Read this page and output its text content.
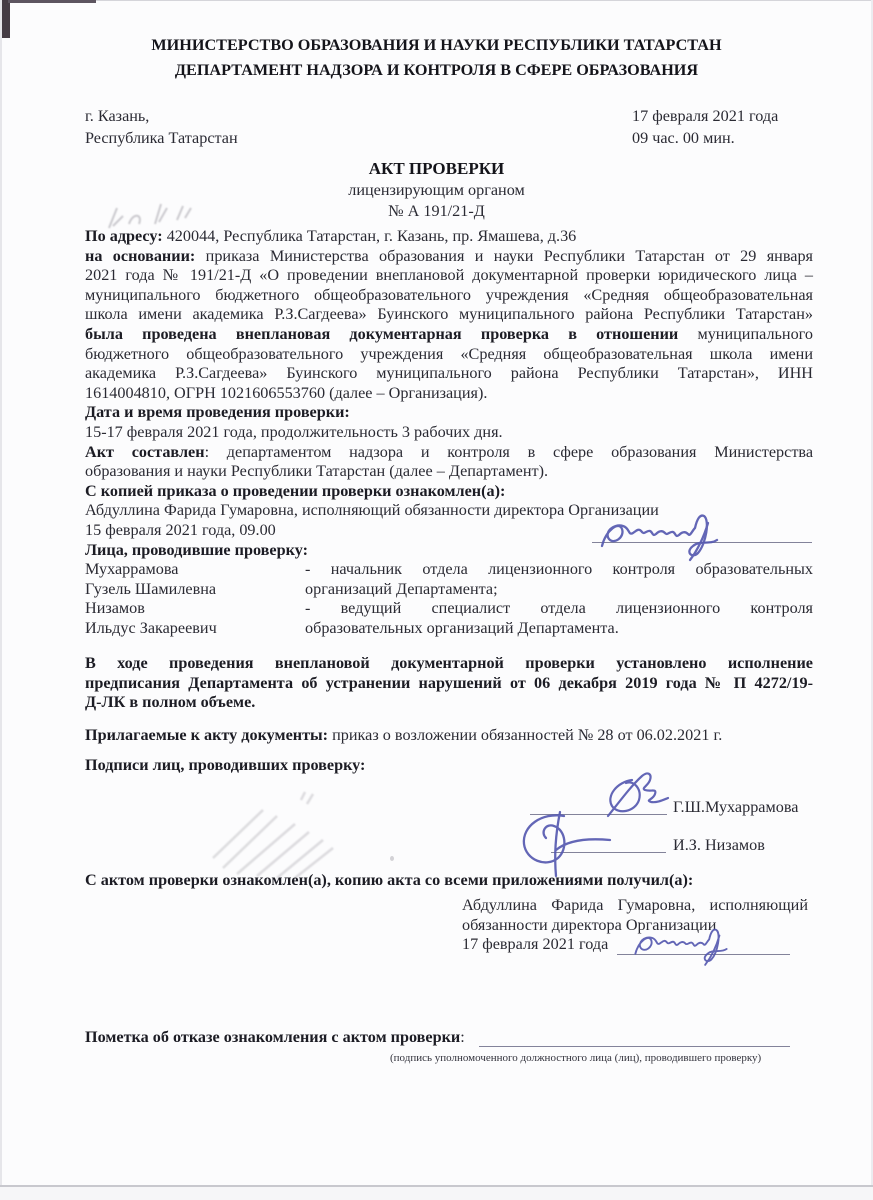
МИНИСТЕРСТВО ОБРАЗОВАНИЯ И НАУКИ РЕСПУБЛИКИ ТАТАРСТАН
ДЕПАРТАМЕНТ НАДЗОРА И КОНТРОЛЯ В СФЕРЕ ОБРАЗОВАНИЯ
г. Казань,
Республика Татарстан
17 февраля 2021 года
09 час. 00 мин.
АКТ ПРОВЕРКИ
лицензирующим органом
№ А 191/21-Д

По адресу: 420044, Республика Татарстан, г. Казань, пр. Ямашева, д.36

на основании: приказа Министерства образования и науки Республики Татарстан от 29 января

2021 года № 191/21-Д «О проведении внеплановой документарной проверки юридического лица –

муниципального бюджетного общеобразовательного учреждения «Средняя общеобразовательная

школа имени академика Р.З.Сагдеева» Буинского муниципального района Республики Татарстан»

была проведена внеплановая документарная проверка в отношении муниципального

бюджетного общеобразовательного учреждения «Средняя общеобразовательная школа имени

академика Р.З.Сагдеева» Буинского муниципального района Республики Татарстан», ИНН

1614004810, ОГРН 1021606553760 (далее – Организация).

Дата и время проведения проверки:

15-17 февраля 2021 года, продолжительность 3 рабочих дня.

Акт составлен: департаментом надзора и контроля в сфере образования Министерства

образования и науки Республики Татарстан (далее – Департамент).

С копией приказа о проведении проверки ознакомлен(а):

Абдуллина Фарида Гумаровна, исполняющий обязанности директора Организации

15 февраля 2021 года, 09.00

Лица, проводившие проверку:

Мухаррамова
Гузель Шамилевна
- начальник отдела лицензионного контроля образовательных
организаций Департамента;
Низамов
Ильдус Закареевич
- ведущий специалист отдела лицензионного контроля
образовательных организаций Департамента.

В ходе проведения внеплановой документарной проверки установлено исполнение

предписания Департамента об устранении нарушений от 06 декабря 2019 года № П 4272/19-

Д-ЛК в полном объеме.

Прилагаемые к акту документы: приказ о возложении обязанностей № 28 от 06.02.2021 г.
Подписи лиц, проводивших проверку:
Г.Ш.Мухаррамова
И.З. Низамов
С актом проверки ознакомлен(а), копию акта со всеми приложениями получил(а):
Абдуллина Фарида Гумаровна, исполняющий
обязанности директора Организации
17 февраля 2021 года
Пометка об отказе ознакомления с актом проверки :
(подпись уполномоченного должностного лица (лиц), проводившего проверку)
